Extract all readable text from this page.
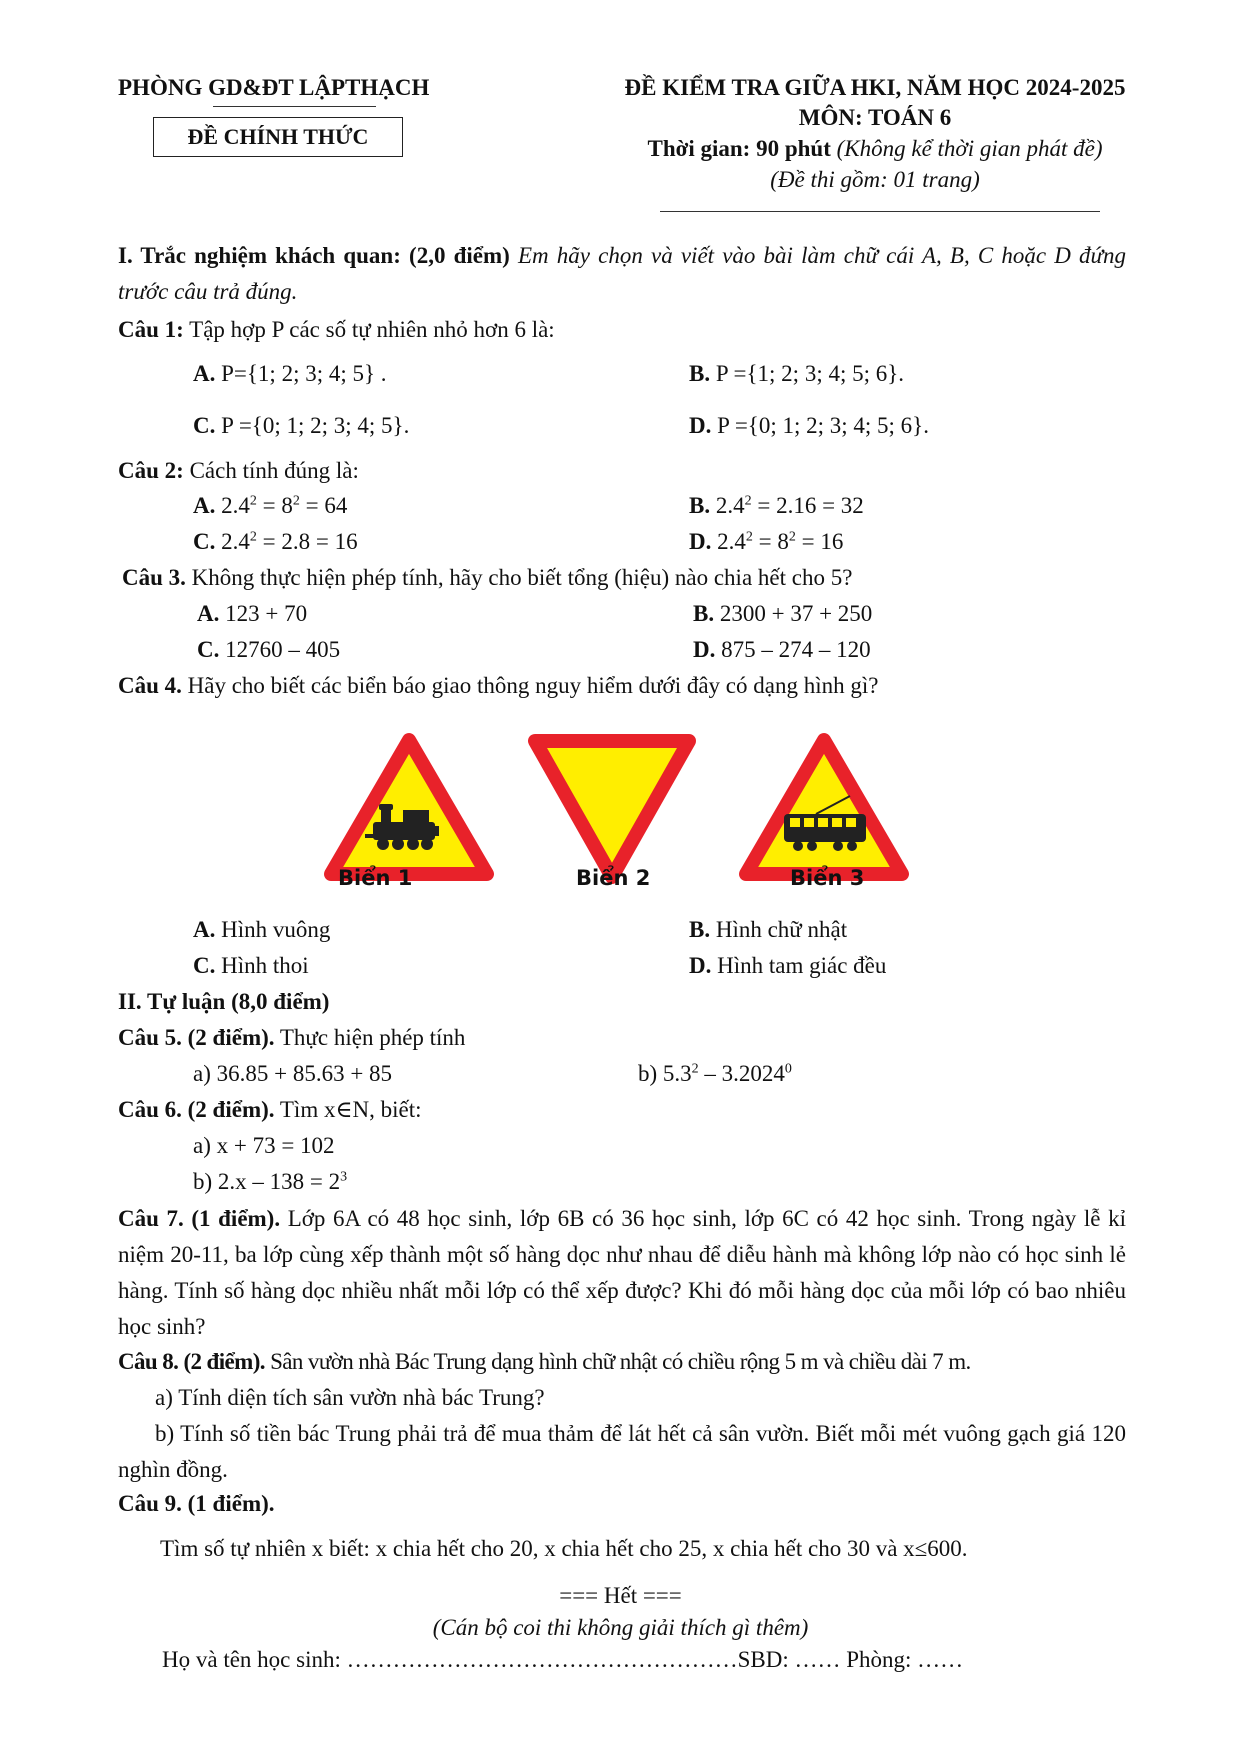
PHÒNG GD&ĐT LẬPTHẠCH
ĐỀ CHÍNH THỨC
ĐỀ KIỂM TRA GIỮA HKI, NĂM HỌC 2024-2025
MÔN: TOÁN 6
Thời gian: 90 phút (Không kể thời gian phát đề)
(Đề thi gồm: 01 trang)
I. Trắc nghiệm khách quan: (2,0 điểm) Em hãy chọn và viết vào bài làm chữ cái A, B, C hoặc D đứng trước câu trả đúng.
Câu 1: Tập hợp P các số tự nhiên nhỏ hơn 6 là:
A. P={1; 2; 3; 4; 5} .	B. P ={1; 2; 3; 4; 5; 6}.
C. P ={0; 1; 2; 3; 4; 5}.	D. P ={0; 1; 2; 3; 4; 5; 6}.
Câu 2: Cách tính đúng là:
A. $2.4^2 = 8^2 = 64$	B. $2.4^2 = 2.16 = 32$
C. $2.4^2 = 2.8 = 16$	D. $2.4^2 = 8^2 = 16$
Câu 3. Không thực hiện phép tính, hãy cho biết tổng (hiệu) nào chia hết cho 5?
A. 123 + 70	B. 2300 + 37 + 250
C. 12760 – 405	D. 875 – 274 – 120
Câu 4. Hãy cho biết các biển báo giao thông nguy hiểm dưới đây có dạng hình gì?
Biển 1	Biển 2	Biển 3
A. Hình vuông	B. Hình chữ nhật
C. Hình thoi	D. Hình tam giác đều
II. Tự luận (8,0 điểm)
Câu 5. (2 điểm). Thực hiện phép tính
a) 36.85 + 85.63 + 85	b) $5.3^2 - 3.2024^0$
Câu 6. (2 điểm). Tìm x∈N, biết:
a) x + 73 = 102
b) $2.x - 138 = 2^3$
Câu 7. (1 điểm). Lớp 6A có 48 học sinh, lớp 6B có 36 học sinh, lớp 6C có 42 học sinh. Trong ngày lễ kỉ niệm 20-11, ba lớp cùng xếp thành một số hàng dọc như nhau để diễu hành mà không lớp nào có học sinh lẻ hàng. Tính số hàng dọc nhiều nhất mỗi lớp có thể xếp được? Khi đó mỗi hàng dọc của mỗi lớp có bao nhiêu học sinh?
Câu 8. (2 điểm). Sân vườn nhà Bác Trung dạng hình chữ nhật có chiều rộng 5 m và chiều dài 7 m.
a) Tính diện tích sân vườn nhà bác Trung?
b) Tính số tiền bác Trung phải trả để mua thảm để lát hết cả sân vườn. Biết mỗi mét vuông gạch giá 120 nghìn đồng.
Câu 9. (1 điểm).
Tìm số tự nhiên x biết: x chia hết cho 20, x chia hết cho 25, x chia hết cho 30 và x≤600.
=== Hết ===
(Cán bộ coi thi không giải thích gì thêm)
Họ và tên học sinh: ……………………………………………SBD: …… Phòng: ……
